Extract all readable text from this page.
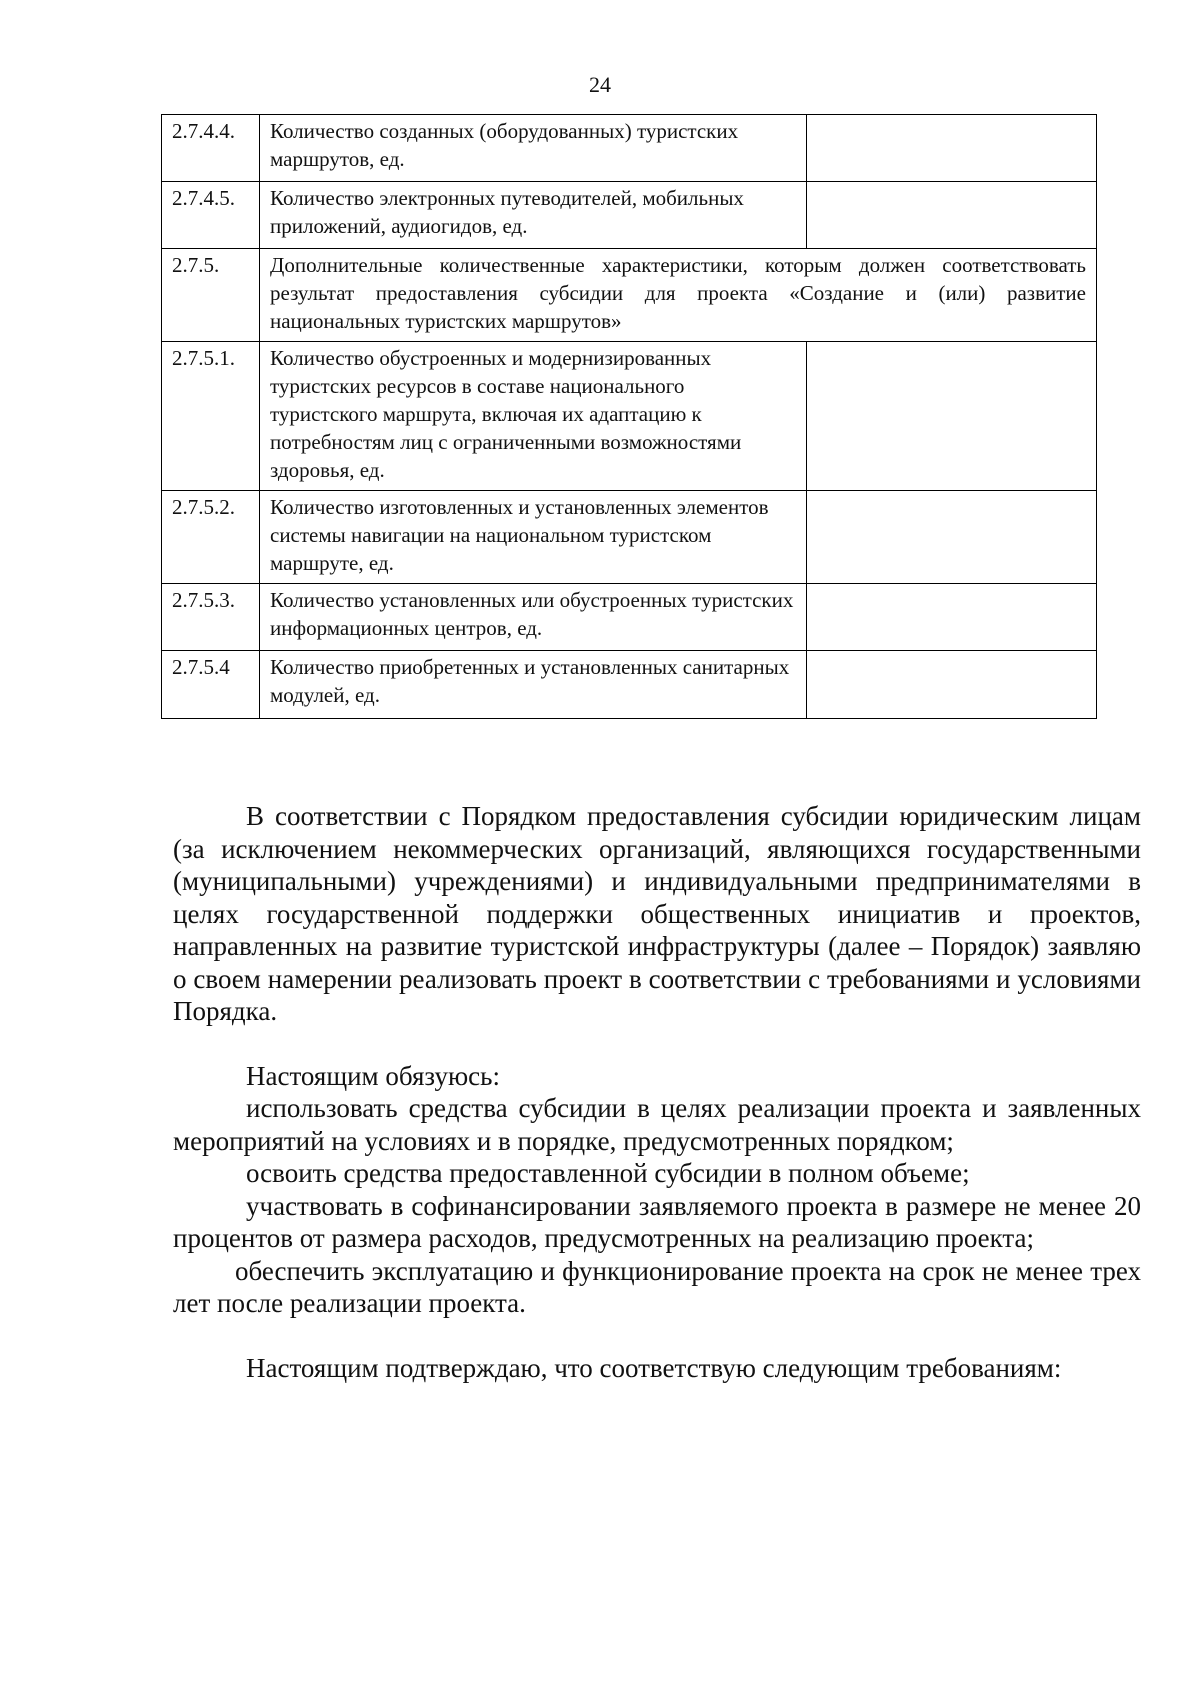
24
2.7.4.4.	Количество созданных (оборудованных) туристских маршрутов, ед.	
2.7.4.5.	Количество электронных путеводителей, мобильных приложений, аудиогидов, ед.	
2.7.5.	Дополнительные количественные характеристики, которым должен соответствовать результат предоставления субсидии для проекта «Создание и (или) развитие национальных туристских маршрутов»	
2.7.5.1.	Количество обустроенных и модернизированных туристских ресурсов в составе национального туристского маршрута, включая их адаптацию к потребностям лиц с ограниченными возможностями здоровья, ед.	
2.7.5.2.	Количество изготовленных и установленных элементов системы навигации на национальном туристском маршруте, ед.	
2.7.5.3.	Количество установленных или обустроенных туристских информационных центров, ед.	
2.7.5.4	Количество приобретенных и установленных санитарных модулей, ед.	

В соответствии с Порядком предоставления субсидии юридическим лицам (за исключением некоммерческих организаций, являющихся государственными (муниципальными) учреждениями) и индивидуальными предпринимателями в целях государственной поддержки общественных инициатив и проектов, направленных на развитие туристской инфраструктуры (далее – Порядок) заявляю о своем намерении реализовать проект в соответствии с требованиями и условиями Порядка.

Настоящим обязуюсь:

использовать средства субсидии в целях реализации проекта и заявленных мероприятий на условиях и в порядке, предусмотренных порядком;

освоить средства предоставленной субсидии в полном объеме;

участвовать в софинансировании заявляемого проекта в размере не менее 20 процентов от размера расходов, предусмотренных на реализацию проекта;

обеспечить эксплуатацию и функционирование проекта на срок не менее трех лет после реализации проекта.

Настоящим подтверждаю, что соответствую следующим требованиям:
